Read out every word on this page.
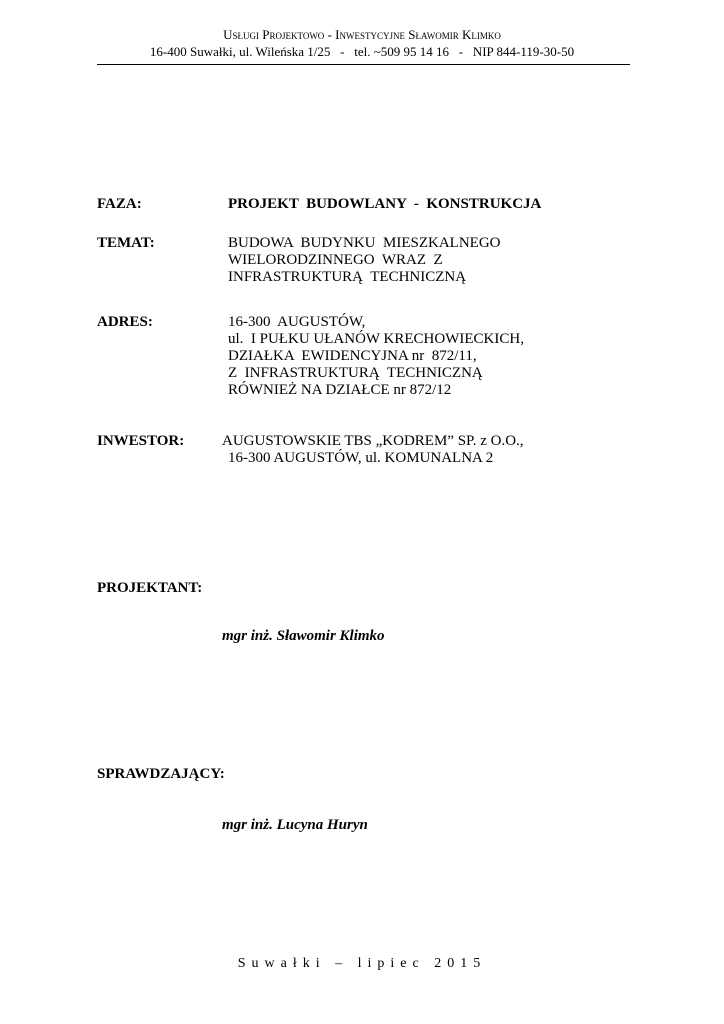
Usługi Projektowo - Inwestycyjne Sławomir Klimko
16-400 Suwałki, ul. Wileńska 1/25   -   tel. ~509 95 14 16   -   NIP 844-119-30-50
FAZA:	PROJEKT  BUDOWLANY  -  KONSTRUKCJA
TEMAT:	BUDOWA  BUDYNKU  MIESZKALNEGO
WIELORODZINNEGO  WRAZ  Z
INFRASTRUKTURĄ  TECHNICZNĄ
ADRES:	16-300  AUGUSTÓW,
ul.  I PUŁKU UŁANÓW KRECHOWIECKICH,
DZIAŁKA  EWIDENCYJNA nr  872/11,
Z  INFRASTRUKTURĄ  TECHNICZNĄ
RÓWNIEŻ NA DZIAŁCE nr 872/12
INWESTOR:	AUGUSTOWSKIE TBS „KODREM” SP. z O.O.,
16-300 AUGUSTÓW, ul. KOMUNALNA 2
PROJEKTANT:
mgr inż. Sławomir Klimko
SPRAWDZAJĄCY:
mgr inż. Lucyna Huryn
Suwałki – lipiec 2015
